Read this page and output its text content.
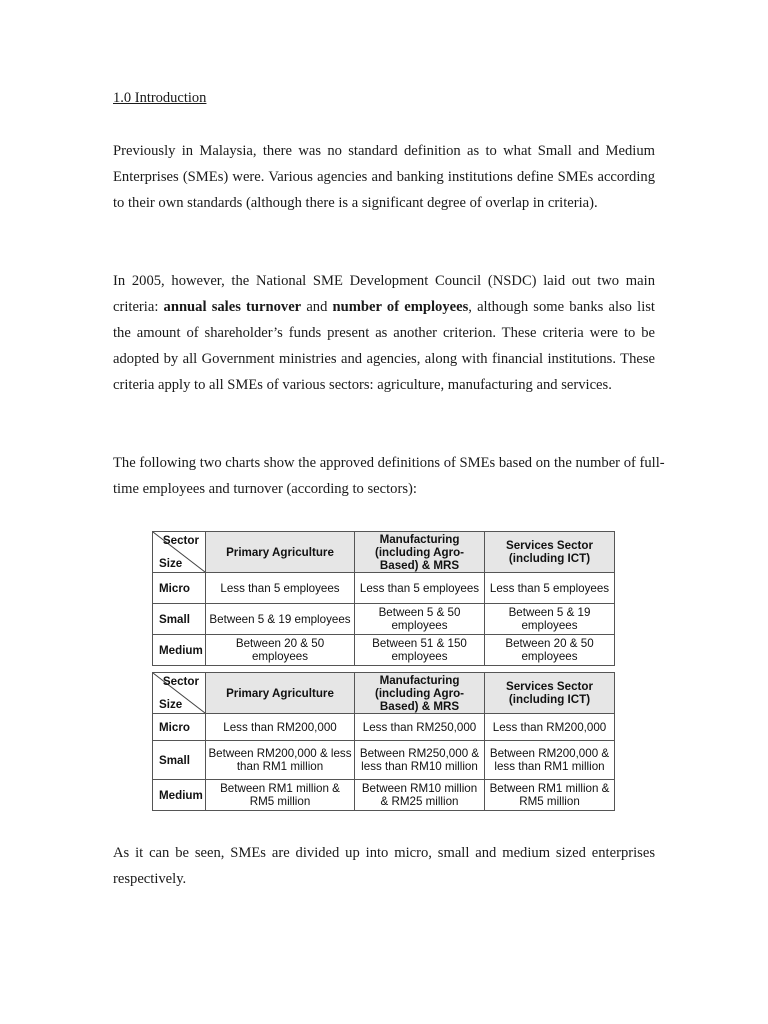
1.0 Introduction
Previously in Malaysia, there was no standard definition as to what Small and Medium Enterprises (SMEs) were. Various agencies and banking institutions define SMEs according to their own standards (although there is a significant degree of overlap in criteria).
In 2005, however, the National SME Development Council (NSDC) laid out two main criteria: annual sales turnover and number of employees, although some banks also list the amount of shareholder’s funds present as another criterion. These criteria were to be adopted by all Government ministries and agencies, along with financial institutions. These criteria apply to all SMEs of various sectors: agriculture, manufacturing and services.
The following two charts show the approved definitions of SMEs based on the number of full-time employees and turnover (according to sectors):
Sector
Size	Primary Agriculture	Manufacturing (including Agro-Based) & MRS	Services Sector (including ICT)
Micro	Less than 5 employees	Less than 5 employees	Less than 5 employees
Small	Between 5 & 19 employees	Between 5 & 50 employees	Between 5 & 19 employees
Medium	Between 20 & 50 employees	Between 51 & 150 employees	Between 20 & 50 employees
Sector
Size	Primary Agriculture	Manufacturing (including Agro-Based) & MRS	Services Sector (including ICT)
Micro	Less than RM200,000	Less than RM250,000	Less than RM200,000
Small	Between RM200,000 & less than RM1 million	Between RM250,000 & less than RM10 million	Between RM200,000 & less than RM1 million
Medium	Between RM1 million & RM5 million	Between RM10 million & RM25 million	Between RM1 million & RM5 million
As it can be seen, SMEs are divided up into micro, small and medium sized enterprises respectively.
